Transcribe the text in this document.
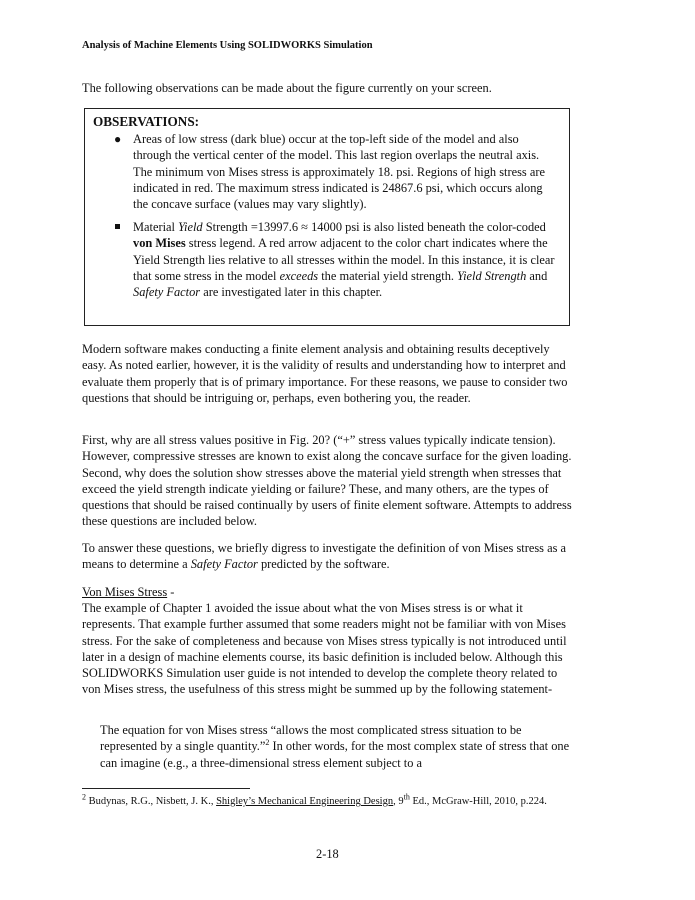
Analysis of Machine Elements Using SOLIDWORKS Simulation

The following observations can be made about the figure currently on your screen.

OBSERVATIONS:

● Areas of low stress (dark blue) occur at the top-left side of the model and also through the vertical center of the model. This last region overlaps the neutral axis. The minimum von Mises stress is approximately 18. psi. Regions of high stress are indicated in red. The maximum stress indicated is 24867.6 psi, which occurs along the concave surface (values may vary slightly).

Material Yield Strength =13997.6 ≈ 14000 psi is also listed beneath the color-coded von Mises stress legend. A red arrow adjacent to the color chart indicates where the Yield Strength lies relative to all stresses within the model. In this instance, it is clear that some stress in the model exceeds the material yield strength. Yield Strength and Safety Factor are investigated later in this chapter.

Modern software makes conducting a finite element analysis and obtaining results deceptively easy. As noted earlier, however, it is the validity of results and understanding how to interpret and evaluate them properly that is of primary importance. For these reasons, we pause to consider two questions that should be intriguing or, perhaps, even bothering you, the reader.

First, why are all stress values positive in Fig. 20? (“+” stress values typically indicate tension). However, compressive stresses are known to exist along the concave surface for the given loading. Second, why does the solution show stresses above the material yield strength when stresses that exceed the yield strength indicate yielding or failure? These, and many others, are the types of questions that should be raised continually by users of finite element software. Attempts to address these questions are included below.

To answer these questions, we briefly digress to investigate the definition of von Mises stress as a means to determine a Safety Factor predicted by the software.

Von Mises Stress -

The example of Chapter 1 avoided the issue about what the von Mises stress is or what it represents. That example further assumed that some readers might not be familiar with von Mises stress. For the sake of completeness and because von Mises stress typically is not introduced until later in a design of machine elements course, its basic definition is included below. Although this SOLIDWORKS Simulation user guide is not intended to develop the complete theory related to von Mises stress, the usefulness of this stress might be summed up by the following statement-

The equation for von Mises stress “allows the most complicated stress situation to be represented by a single quantity.”$^2$ In other words, for the most complex state of stress that one can imagine (e.g., a three-dimensional stress element subject to a

$^2$ Budynas, R.G., Nisbett, J. K., Shigley’s Mechanical Engineering Design, 9th Ed., McGraw-Hill, 2010, p.224.

2-18
